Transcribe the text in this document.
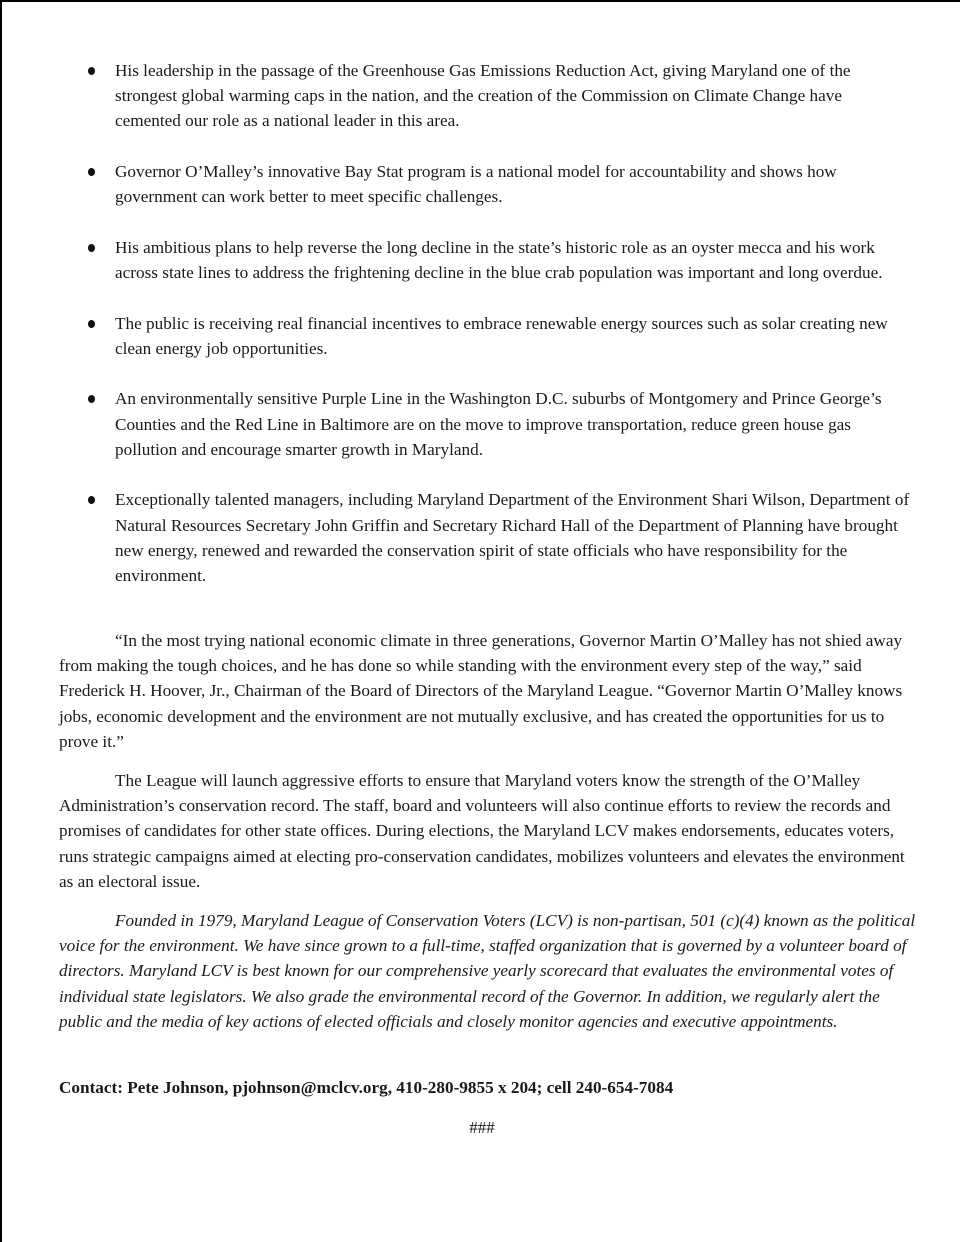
His leadership in the passage of the Greenhouse Gas Emissions Reduction Act, giving Maryland one of the strongest global warming caps in the nation, and the creation of the Commission on Climate Change have cemented our role as a national leader in this area.
Governor O’Malley’s innovative Bay Stat program is a national model for accountability and shows how government can work better to meet specific challenges.
His ambitious plans to help reverse the long decline in the state’s historic role as an oyster mecca and his work across state lines to address the frightening decline in the blue crab population was important and long overdue.
The public is receiving real financial incentives to embrace renewable energy sources such as solar creating new clean energy job opportunities.
An environmentally sensitive Purple Line in the Washington D.C. suburbs of Montgomery and Prince George’s Counties and the Red Line in Baltimore are on the move to improve transportation, reduce green house gas pollution and encourage smarter growth in Maryland.
Exceptionally talented managers, including Maryland Department of the Environment Shari Wilson, Department of Natural Resources Secretary John Griffin and Secretary Richard Hall of the Department of Planning have brought new energy, renewed and rewarded the conservation spirit of state officials who have responsibility for the environment.

“In the most trying national economic climate in three generations, Governor Martin O’Malley has not shied away from making the tough choices, and he has done so while standing with the environment every step of the way,” said Frederick H. Hoover, Jr., Chairman of the Board of Directors of the Maryland League. “Governor Martin O’Malley knows jobs, economic development and the environment are not mutually exclusive, and has created the opportunities for us to prove it.”

The League will launch aggressive efforts to ensure that Maryland voters know the strength of the O’Malley Administration’s conservation record. The staff, board and volunteers will also continue efforts to review the records and promises of candidates for other state offices. During elections, the Maryland LCV makes endorsements, educates voters, runs strategic campaigns aimed at electing pro-conservation candidates, mobilizes volunteers and elevates the environment as an electoral issue.

Founded in 1979, Maryland League of Conservation Voters (LCV) is non-partisan, 501 (c)(4) known as the political voice for the environment. We have since grown to a full-time, staffed organization that is governed by a volunteer board of directors. Maryland LCV is best known for our comprehensive yearly scorecard that evaluates the environmental votes of individual state legislators. We also grade the environmental record of the Governor. In addition, we regularly alert the public and the media of key actions of elected officials and closely monitor agencies and executive appointments.

Contact: Pete Johnson, pjohnson@mclcv.org, 410-280-9855 x 204; cell 240-654-7084

###
